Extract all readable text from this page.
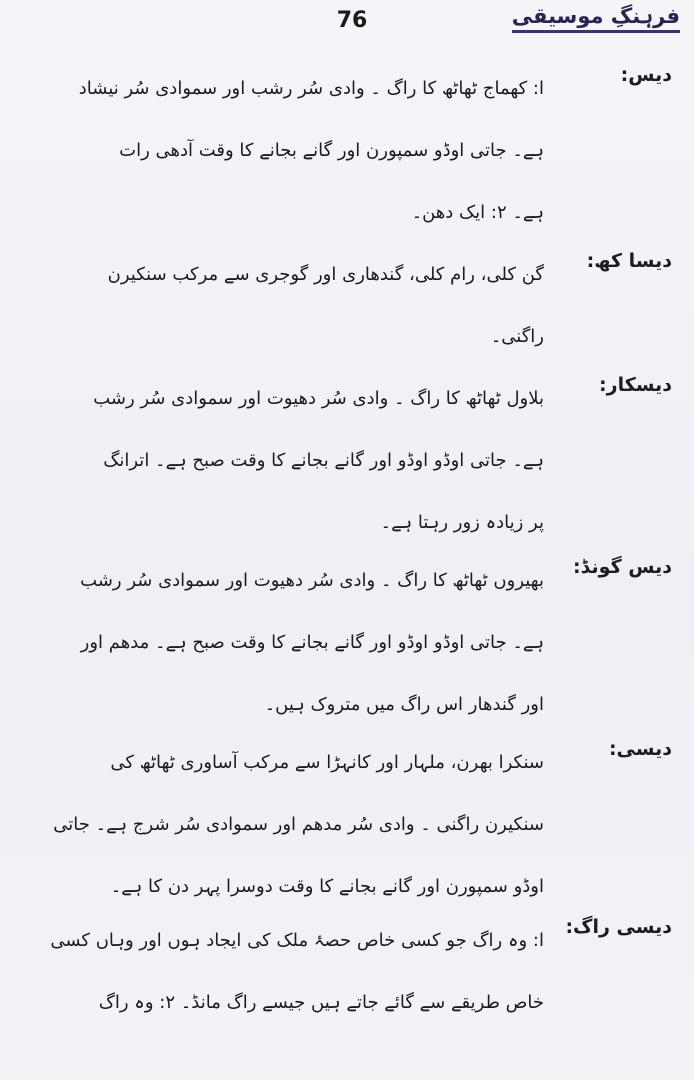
76	فرہنگِ موسیقی
دیس:
ا: کھماج ٹھاٹھ کا راگ ۔ وادی سُر رشب اور سموادی سُر نیشاد
ہے۔ جاتی اوڈو سمپورن اور گانے بجانے کا وقت آدھی رات
ہے۔ ۲: ایک دھن۔
دیسا کھ:
گن کلی، رام کلی، گندھاری اور گوجری سے مرکب سنکیرن
راگنی۔
دیسکار:
بلاول ٹھاٹھ کا راگ ۔ وادی سُر دھیوت اور سموادی سُر رشب
ہے۔ جاتی اوڈو اوڈو اور گانے بجانے کا وقت صبح ہے۔ اترانگ
پر زیادہ زور رہتا ہے۔
دیس گونڈ:
بھیروں ٹھاٹھ کا راگ ۔ وادی سُر دھیوت اور سموادی سُر رشب
ہے۔ جاتی اوڈو اوڈو اور گانے بجانے کا وقت صبح ہے۔ مدھم اور
اور گندھار اس راگ میں متروک ہیں۔
دیسی:
سنکرا بھرن، ملہار اور کانہڑا سے مرکب آساوری ٹھاٹھ کی
سنکیرن راگنی ۔ وادی سُر مدھم اور سموادی سُر شرج ہے۔ جاتی
اوڈو سمپورن اور گانے بجانے کا وقت دوسرا پہر دن کا ہے۔
دیسی راگ:
ا: وہ راگ جو کسی خاص حصۂ ملک کی ایجاد ہوں اور وہاں کسی
خاص طریقے سے گائے جاتے ہیں جیسے راگ مانڈ۔ ۲: وہ راگ
